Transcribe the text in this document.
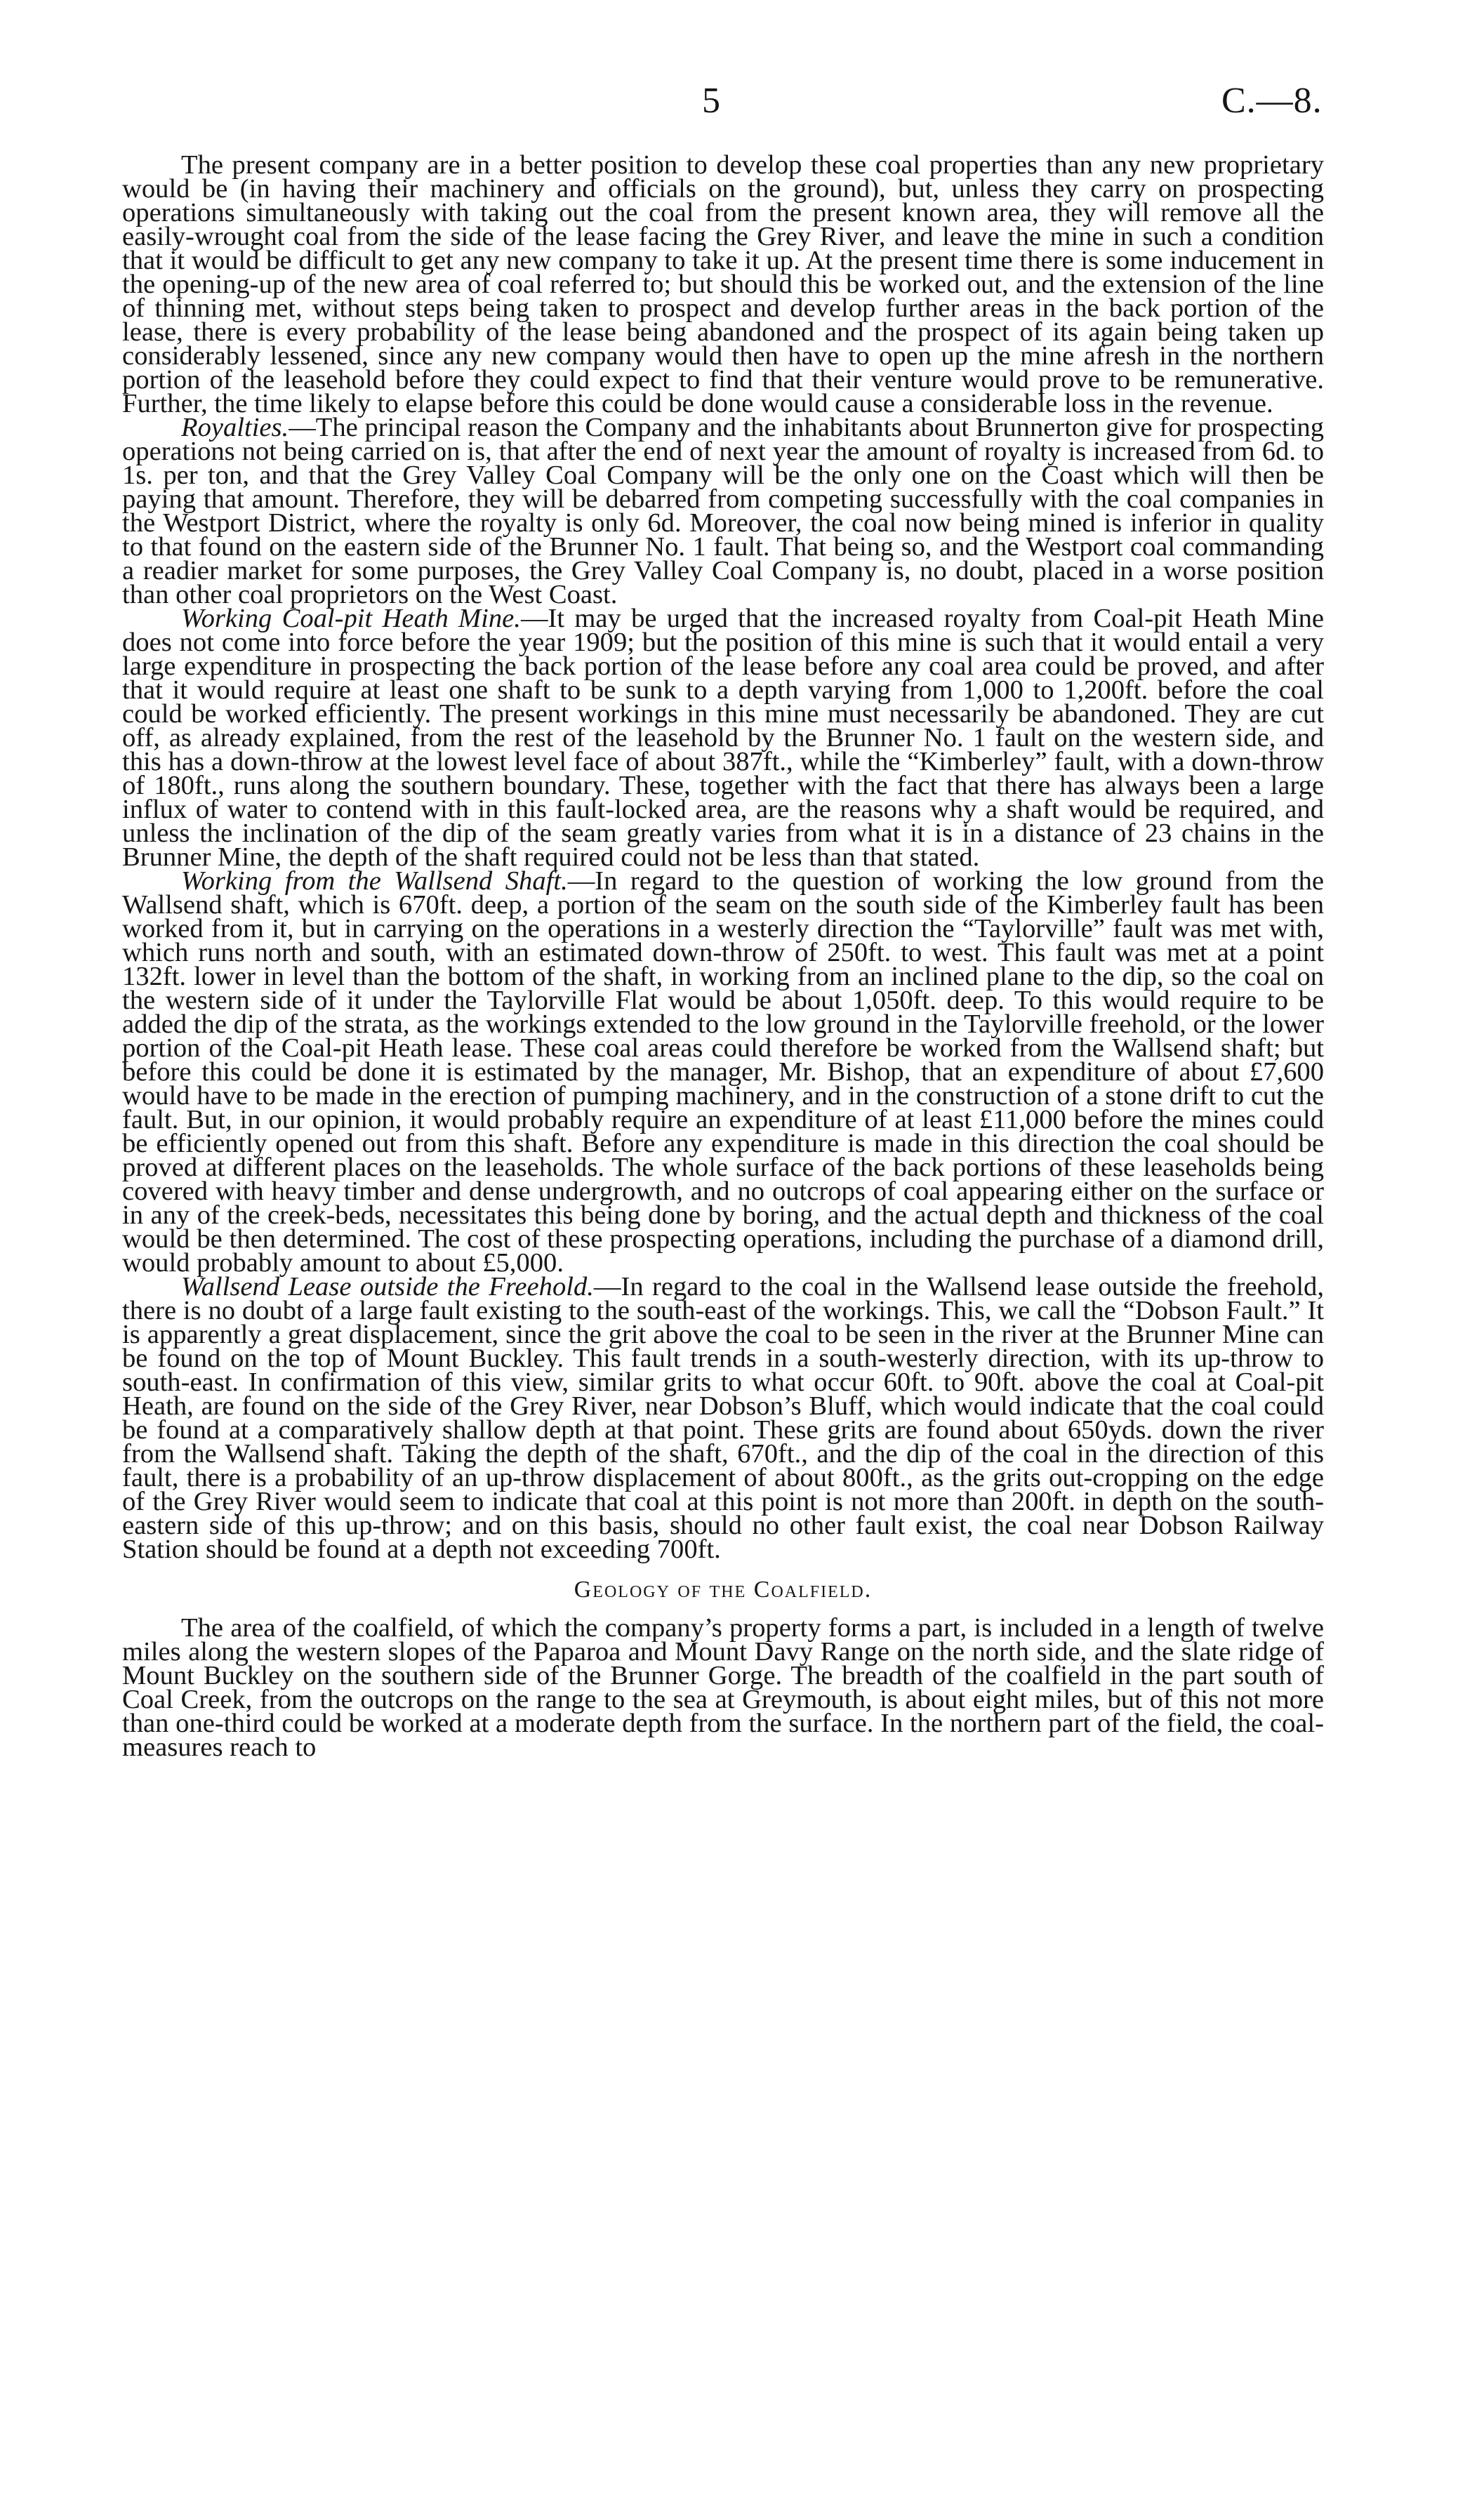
5	C.—8.

The present company are in a better position to develop these coal properties than any new proprietary would be (in having their machinery and officials on the ground), but, unless they carry on prospecting operations simultaneously with taking out the coal from the present known area, they will remove all the easily-wrought coal from the side of the lease facing the Grey River, and leave the mine in such a condition that it would be difficult to get any new company to take it up. At the present time there is some inducement in the opening-up of the new area of coal referred to; but should this be worked out, and the extension of the line of thinning met, without steps being taken to prospect and develop further areas in the back portion of the lease, there is every probability of the lease being abandoned and the prospect of its again being taken up considerably lessened, since any new company would then have to open up the mine afresh in the northern portion of the leasehold before they could expect to find that their venture would prove to be remunerative. Further, the time likely to elapse before this could be done would cause a considerable loss in the revenue.

Royalties.—The principal reason the Company and the inhabitants about Brunnerton give for prospecting operations not being carried on is, that after the end of next year the amount of royalty is increased from 6d. to 1s. per ton, and that the Grey Valley Coal Company will be the only one on the Coast which will then be paying that amount. Therefore, they will be debarred from competing successfully with the coal companies in the Westport District, where the royalty is only 6d. Moreover, the coal now being mined is inferior in quality to that found on the eastern side of the Brunner No. 1 fault. That being so, and the Westport coal commanding a readier market for some purposes, the Grey Valley Coal Company is, no doubt, placed in a worse position than other coal proprietors on the West Coast.

Working Coal-pit Heath Mine.—It may be urged that the increased royalty from Coal-pit Heath Mine does not come into force before the year 1909; but the position of this mine is such that it would entail a very large expenditure in prospecting the back portion of the lease before any coal area could be proved, and after that it would require at least one shaft to be sunk to a depth varying from 1,000 to 1,200ft. before the coal could be worked efficiently. The present workings in this mine must necessarily be abandoned. They are cut off, as already explained, from the rest of the leasehold by the Brunner No. 1 fault on the western side, and this has a down-throw at the lowest level face of about 387ft., while the “Kimberley” fault, with a down-throw of 180ft., runs along the southern boundary. These, together with the fact that there has always been a large influx of water to contend with in this fault-locked area, are the reasons why a shaft would be required, and unless the inclination of the dip of the seam greatly varies from what it is in a distance of 23 chains in the Brunner Mine, the depth of the shaft required could not be less than that stated.

Working from the Wallsend Shaft.—In regard to the question of working the low ground from the Wallsend shaft, which is 670ft. deep, a portion of the seam on the south side of the Kimberley fault has been worked from it, but in carrying on the operations in a westerly direction the “Taylorville” fault was met with, which runs north and south, with an estimated down-throw of 250ft. to west. This fault was met at a point 132ft. lower in level than the bottom of the shaft, in working from an inclined plane to the dip, so the coal on the western side of it under the Taylorville Flat would be about 1,050ft. deep. To this would require to be added the dip of the strata, as the workings extended to the low ground in the Taylorville freehold, or the lower portion of the Coal-pit Heath lease. These coal areas could therefore be worked from the Wallsend shaft; but before this could be done it is estimated by the manager, Mr. Bishop, that an expenditure of about £7,600 would have to be made in the erection of pumping machinery, and in the construction of a stone drift to cut the fault. But, in our opinion, it would probably require an expenditure of at least £11,000 before the mines could be efficiently opened out from this shaft. Before any expenditure is made in this direction the coal should be proved at different places on the leaseholds. The whole surface of the back portions of these leaseholds being covered with heavy timber and dense undergrowth, and no outcrops of coal appearing either on the surface or in any of the creek-beds, necessitates this being done by boring, and the actual depth and thickness of the coal would be then determined. The cost of these prospecting operations, including the purchase of a diamond drill, would probably amount to about £5,000.

Wallsend Lease outside the Freehold.—In regard to the coal in the Wallsend lease outside the freehold, there is no doubt of a large fault existing to the south-east of the workings. This, we call the “Dobson Fault.” It is apparently a great displacement, since the grit above the coal to be seen in the river at the Brunner Mine can be found on the top of Mount Buckley. This fault trends in a south-westerly direction, with its up-throw to south-east. In confirmation of this view, similar grits to what occur 60ft. to 90ft. above the coal at Coal-pit Heath, are found on the side of the Grey River, near Dobson’s Bluff, which would indicate that the coal could be found at a comparatively shallow depth at that point. These grits are found about 650yds. down the river from the Wallsend shaft. Taking the depth of the shaft, 670ft., and the dip of the coal in the direction of this fault, there is a probability of an up-throw displacement of about 800ft., as the grits out-cropping on the edge of the Grey River would seem to indicate that coal at this point is not more than 200ft. in depth on the south-eastern side of this up-throw; and on this basis, should no other fault exist, the coal near Dobson Railway Station should be found at a depth not exceeding 700ft.

Geology of the Coalfield.

The area of the coalfield, of which the company’s property forms a part, is included in a length of twelve miles along the western slopes of the Paparoa and Mount Davy Range on the north side, and the slate ridge of Mount Buckley on the southern side of the Brunner Gorge. The breadth of the coalfield in the part south of Coal Creek, from the outcrops on the range to the sea at Greymouth, is about eight miles, but of this not more than one-third could be worked at a moderate depth from the surface. In the northern part of the field, the coal-measures reach to
